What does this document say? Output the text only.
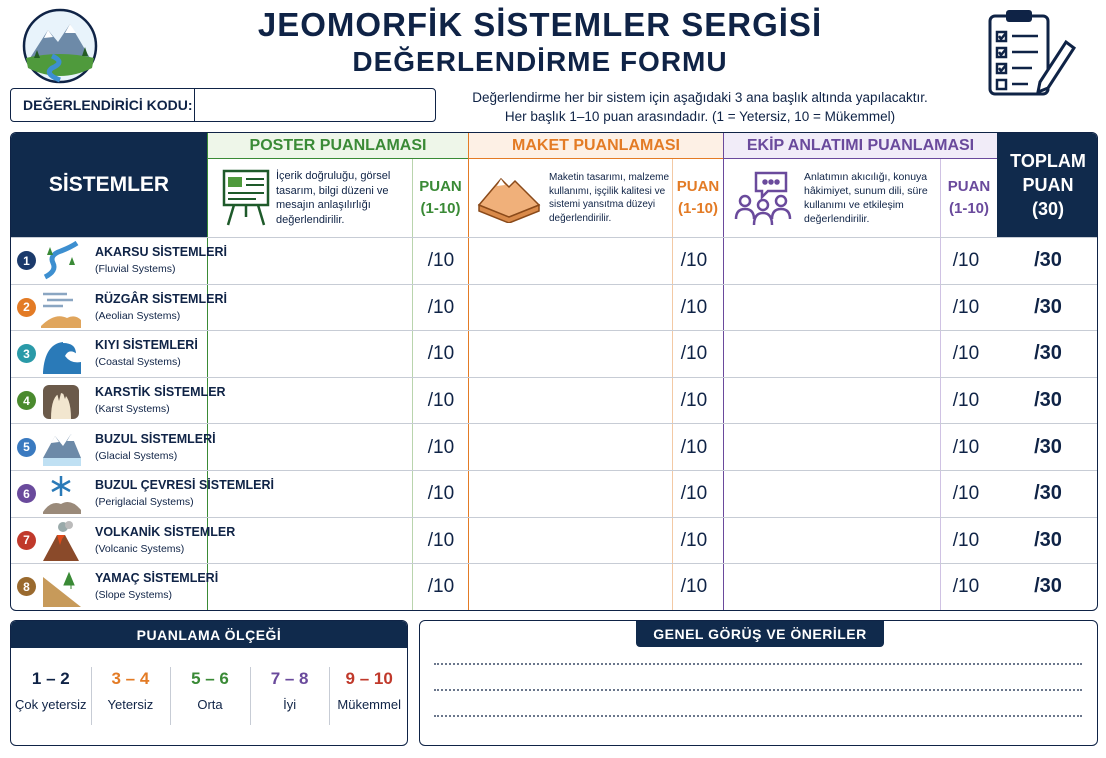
JEOMORFİK SİSTEMLER SERGİSİ
DEĞERLENDİRME FORMU
DEĞERLENDİRİCİ KODU:	Değerlendirme her bir sistem için aşağıdaki 3 ana başlık altında yapılacaktır.
Her başlık 1–10 puan arasındadır. (1 = Yetersiz, 10 = Mükemmel)
SİSTEMLER
POSTER PUANLAMASI
İçerik doğruluğu, görsel tasarım, bilgi düzeni ve mesajın anlaşılırlığı değerlendirilir.
PUAN
(1-10)
MAKET PUANLAMASI
Maketin tasarımı, malzeme kullanımı, işçilik kalitesi ve sistemi yansıtma düzeyi değerlendirilir.
PUAN
(1-10)
EKİP ANLATIMI PUANLAMASI
Anlatımın akıcılığı, konuya hâkimiyet, sunum dili, süre kullanımı ve etkileşim değerlendirilir.
PUAN
(1-10)
TOPLAM
PUAN
(30)
1
AKARSU SİSTEMLERİ
(Fluvial Systems)	/10	/10	/10	/30
2
RÜZGÂR SİSTEMLERİ
(Aeolian Systems)	/10	/10	/10	/30
3
KIYI SİSTEMLERİ
(Coastal Systems)	/10	/10	/10	/30
4
KARSTİK SİSTEMLER
(Karst Systems)	/10	/10	/10	/30
5
BUZUL SİSTEMLERİ
(Glacial Systems)	/10	/10	/10	/30
6
BUZUL ÇEVRESİ SİSTEMLERİ
(Periglacial Systems)	/10	/10	/10	/30
7
VOLKANİK SİSTEMLER
(Volcanic Systems)	/10	/10	/10	/30
8
YAMAÇ SİSTEMLERİ
(Slope Systems)	/10	/10	/10	/30
PUANLAMA ÖLÇEĞİ
1 – 2
Çok yetersiz
3 – 4
Yetersiz
5 – 6
Orta
7 – 8
İyi
9 – 10
Mükemmel
GENEL GÖRÜŞ VE ÖNERİLER
